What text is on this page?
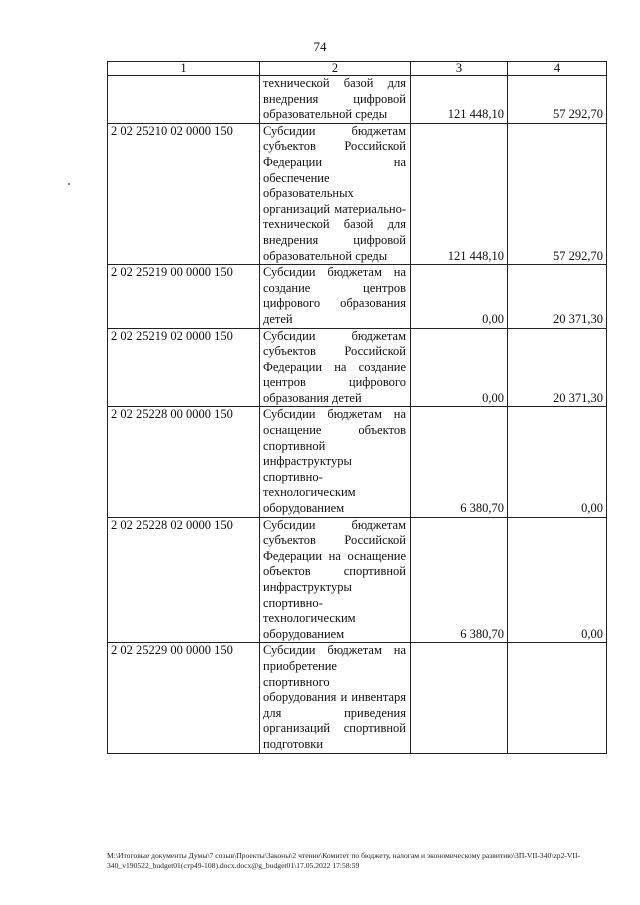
74
1	2	3	4
	технической базой для внедрения цифровой образовательной среды	121 448,10	57 292,70
2 02 25210 02 0000 150	Субсидии бюджетам субъектов Российской Федерации на обеспечение образовательных организаций материально-технической базой для внедрения цифровой образовательной среды	121 448,10	57 292,70
2 02 25219 00 0000 150	Субсидии бюджетам на создание центров цифрового образования детей	0,00	20 371,30
2 02 25219 02 0000 150	Субсидии бюджетам субъектов Российской Федерации на создание центров цифрового образования детей	0,00	20 371,30
2 02 25228 00 0000 150	Субсидии бюджетам на оснащение объектов спортивной инфраструктуры спортивно-технологическим оборудованием	6 380,70	0,00
2 02 25228 02 0000 150	Субсидии бюджетам субъектов Российской Федерации на оснащение объектов спортивной инфраструктуры спортивно-технологическим оборудованием	6 380,70	0,00
2 02 25229 00 0000 150	Субсидии бюджетам на приобретение спортивного оборудования и инвентаря для приведения организаций спортивной подготовки		
M:\Итоговые документы Думы\7 созыв\Проекты\Законы\2 чтение\Комитет по бюджету, налогам и экономическому развитию\ЗП-VII-340\zp2-VII-
340_v190522_budget01(стр49-108).docx.docx@g_budget01\17.05.2022 17:58:59
